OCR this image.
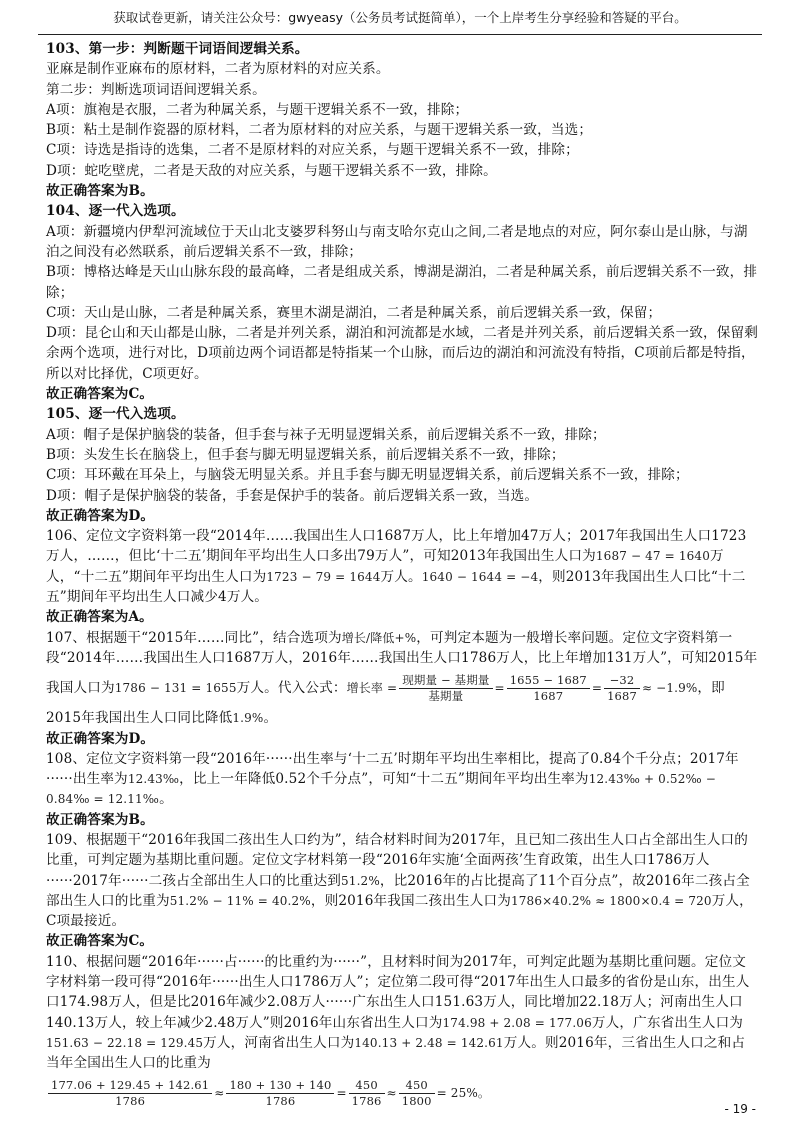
获取试卷更新，请关注公众号：gwyeasy（公务员考试挺简单），一个上岸考生分享经验和答疑的平台。

103、第一步：判断题干词语间逻辑关系。

亚麻是制作亚麻布的原材料，二者为原材料的对应关系。

第二步：判断选项词语间逻辑关系。

A项：旗袍是衣服，二者为种属关系，与题干逻辑关系不一致，排除；

B项：粘土是制作瓷器的原材料，二者为原材料的对应关系，与题干逻辑关系一致，当选；

C项：诗选是指诗的选集，二者不是原材料的对应关系，与题干逻辑关系不一致，排除；

D项：蛇吃壁虎，二者是天敌的对应关系，与题干逻辑关系不一致，排除。

故正确答案为B。

104、逐一代入选项。

A项：新疆境内伊犁河流域位于天山北支婆罗科努山与南支哈尔克山之间,二者是地点的对应，阿尔泰山是山脉，与湖泊之间没有必然联系，前后逻辑关系不一致，排除；

B项：博格达峰是天山山脉东段的最高峰，二者是组成关系，博湖是湖泊，二者是种属关系，前后逻辑关系不一致，排除；

C项：天山是山脉，二者是种属关系，赛里木湖是湖泊，二者是种属关系，前后逻辑关系一致，保留；

D项：昆仑山和天山都是山脉，二者是并列关系，湖泊和河流都是水域，二者是并列关系，前后逻辑关系一致，保留剩余两个选项，进行对比，D项前边两个词语都是特指某一个山脉，而后边的湖泊和河流没有特指，C项前后都是特指，所以对比择优，C项更好。

故正确答案为C。

105、逐一代入选项。

A项：帽子是保护脑袋的装备，但手套与袜子无明显逻辑关系，前后逻辑关系不一致，排除；

B项：头发生长在脑袋上，但手套与脚无明显逻辑关系，前后逻辑关系不一致，排除；

C项：耳环戴在耳朵上，与脑袋无明显关系。并且手套与脚无明显逻辑关系，前后逻辑关系不一致，排除；

D项：帽子是保护脑袋的装备，手套是保护手的装备。前后逻辑关系一致，当选。

故正确答案为D。

106、定位文字资料第一段“2014年……我国出生人口1687万人，比上年增加47万人；2017年我国出生人口1723万人，……，但比‘十二五’期间年平均出生人口多出79万人”，可知2013年我国出生人口为1687 − 47 = 1640万人，“十二五”期间年平均出生人口为1723 − 79 = 1644万人。1640 − 1644 = −4，则2013年我国出生人口比“十二五”期间年平均出生人口减少4万人。

故正确答案为A。

107、根据题干“2015年……同比”，结合选项为增长/降低+%，可判定本题为一般增长率问题。定位文字资料第一段“2014年……我国出生人口1687万人，2016年……我国出生人口1786万人，比上年增加131万人”，可知2015年我国人口为1786 − 131 = 1655万人。代入公式：增长率 = $\frac{\text{现期量 − 基期量}}{\text{基期量}} = \frac{1655 - 1687}{1687} = \frac{-32}{1687} \approx -1.9\%$，即2015年我国出生人口同比降低1.9%。

故正确答案为D。

108、定位文字资料第一段“2016年······出生率与‘十二五’时期年平均出生率相比，提高了0.84个千分点；2017年······出生率为12.43‰，比上一年降低0.52个千分点”，可知“十二五”期间年平均出生率为12.43‰ + 0.52‰ − 0.84‰ = 12.11‰。

故正确答案为B。

109、根据题干“2016年我国二孩出生人口约为”，结合材料时间为2017年，且已知二孩出生人口占全部出生人口的比重，可判定题为基期比重问题。定位文字材料第一段“2016年实施‘全面两孩’生育政策，出生人口1786万人······2017年······二孩占全部出生人口的比重达到51.2%，比2016年的占比提高了11个百分点”，故2016年二孩占全部出生人口的比重为51.2% − 11% = 40.2%，则2016年我国二孩出生人口为1786×40.2% ≈ 1800×0.4 = 720万人，C项最接近。

故正确答案为C。

110、根据问题“2016年······占······的比重约为······”，且材料时间为2017年，可判定此题为基期比重问题。定位文字材料第一段可得“2016年······出生人口1786万人”；定位第二段可得“2017年出生人口最多的省份是山东，出生人口174.98万人，但是比2016年减少2.08万人······广东出生人口151.63万人，同比增加22.18万人；河南出生人口140.13万人，较上年减少2.48万人”则2016年山东省出生人口为174.98 + 2.08 = 177.06万人，广东省出生人口为151.63 − 22.18 = 129.45万人，河南省出生人口为140.13 + 2.48 = 142.61万人。则2016年，三省出生人口之和占当年全国出生人口的比重为

$\frac{177.06 + 129.45 + 142.61}{1786} \approx \frac{180 + 130 + 140}{1786} = \frac{450}{1786} \approx \frac{450}{1800} = 25\%$。

- 19 -
